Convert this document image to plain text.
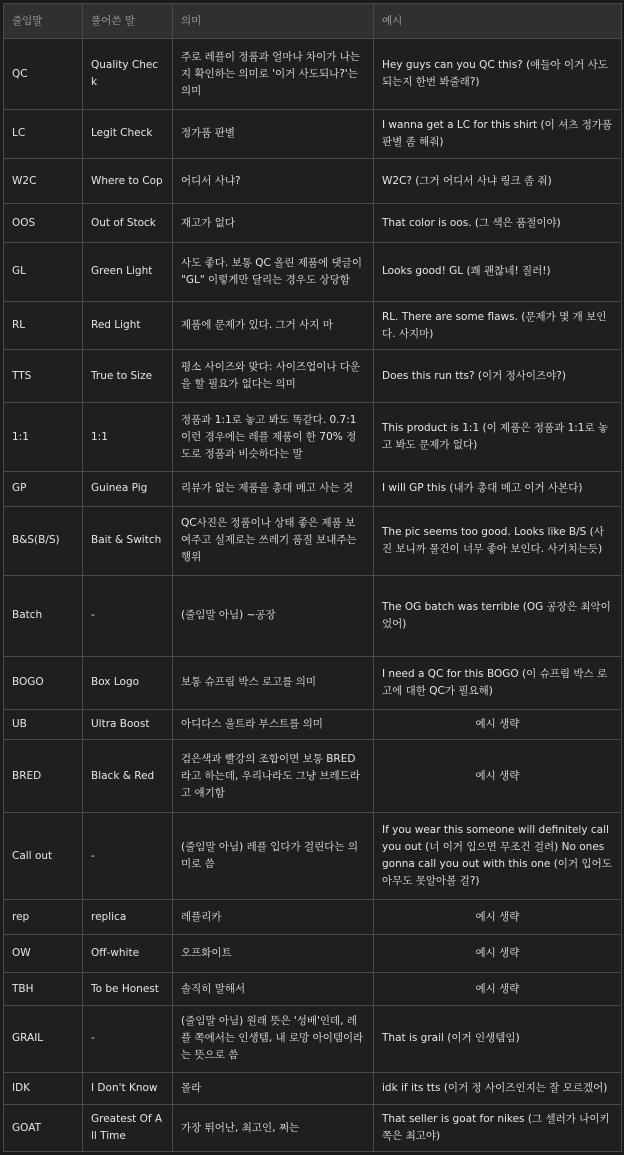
줄임말	풀어쓴 말	의미	예시
QC	Quality Check	주로 레플이 정품과 얼마나 차이가 나는지 확인하는 의미로 '이거 사도되나?'는 의미	Hey guys can you QC this? (얘들아 이거 사도 되는지 한번 봐줄래?)
LC	Legit Check	정가품 판별	I wanna get a LC for this shirt (이 셔츠 정가품 판별 좀 해줘)
W2C	Where to Cop	어디서 사냐?	W2C? (그거 어디서 사냐 링크 좀 줘)
OOS	Out of Stock	재고가 없다	That color is oos. (그 색은 품절이야)
GL	Green Light	사도 좋다. 보통 QC 올린 제품에 댓글이 "GL" 이렇게만 달리는 경우도 상당함	Looks good! GL (쾌 괜찮네! 질러!)
RL	Red Light	제품에 문제가 있다. 그거 사지 마	RL. There are some flaws. (문제가 몇 개 보인다. 사지마)
TTS	True to Size	평소 사이즈와 맞다: 사이즈업이나 다운을 할 필요가 없다는 의미	Does this run tts? (이거 정사이즈야?)
1:1	1:1	정품과 1:1로 놓고 봐도 똑같다. 0.7:1 이런 경우에는 레플 제품이 한 70% 정도로 정품과 비슷하다는 말	This product is 1:1 (이 제품은 정품과 1:1로 놓고 봐도 문제가 없다)
GP	Guinea Pig	리뷰가 없는 제품을 총대 메고 사는 것	I will GP this (내가 총대 메고 이거 사본다)
B&S(B/S)	Bait & Switch	QC사진은 정품이나 상태 좋은 제품 보여주고 실제로는 쓰레기 품질 보내주는 행위	The pic seems too good. Looks like B/S (사진 보니까 물건이 너무 좋아 보인다. 사기치는듯)
Batch	-	(줄임말 아님) ~공장	The OG batch was terrible (OG 공장은 최악이었어)
BOGO	Box Logo	보통 슈프림 박스 로고를 의미	I need a QC for this BOGO (이 슈프림 박스 로고에 대한 QC가 필요해)
UB	Ultra Boost	아디다스 울트라 부스트를 의미	예시 생략
BRED	Black & Red	검은색과 빨강의 조합이면 보통 BRED 라고 하는데, 우리나라도 그냥 브레드라고 얘기함	예시 생략
Call out	-	(줄임말 아님) 레플 입다가 걸린다는 의미로 씀	If you wear this someone will definitely call you out (너 이거 입으면 무조건 걸려) No ones gonna call you out with this one (이거 입어도 아무도 못알아볼 걸?)
rep	replica	레플리카	예시 생략
OW	Off-white	오프화이트	예시 생략
TBH	To be Honest	솔직히 말해서	예시 생략
GRAIL	-	(줄임말 아님) 원래 뜻은 '성배'인데, 레플 쪽에서는 인생템, 내 로망 아이템이라는 뜻으로 씀	That is grail (이거 인생템임)
IDK	I Don't Know	몰라	idk if its tts (이거 정 사이즈인지는 잘 모르겠어)
GOAT	Greatest Of All Time	가장 뛰어난, 최고인, 쩌는	That seller is goat for nikes (그 셀러가 나이키 쪽은 최고야)
